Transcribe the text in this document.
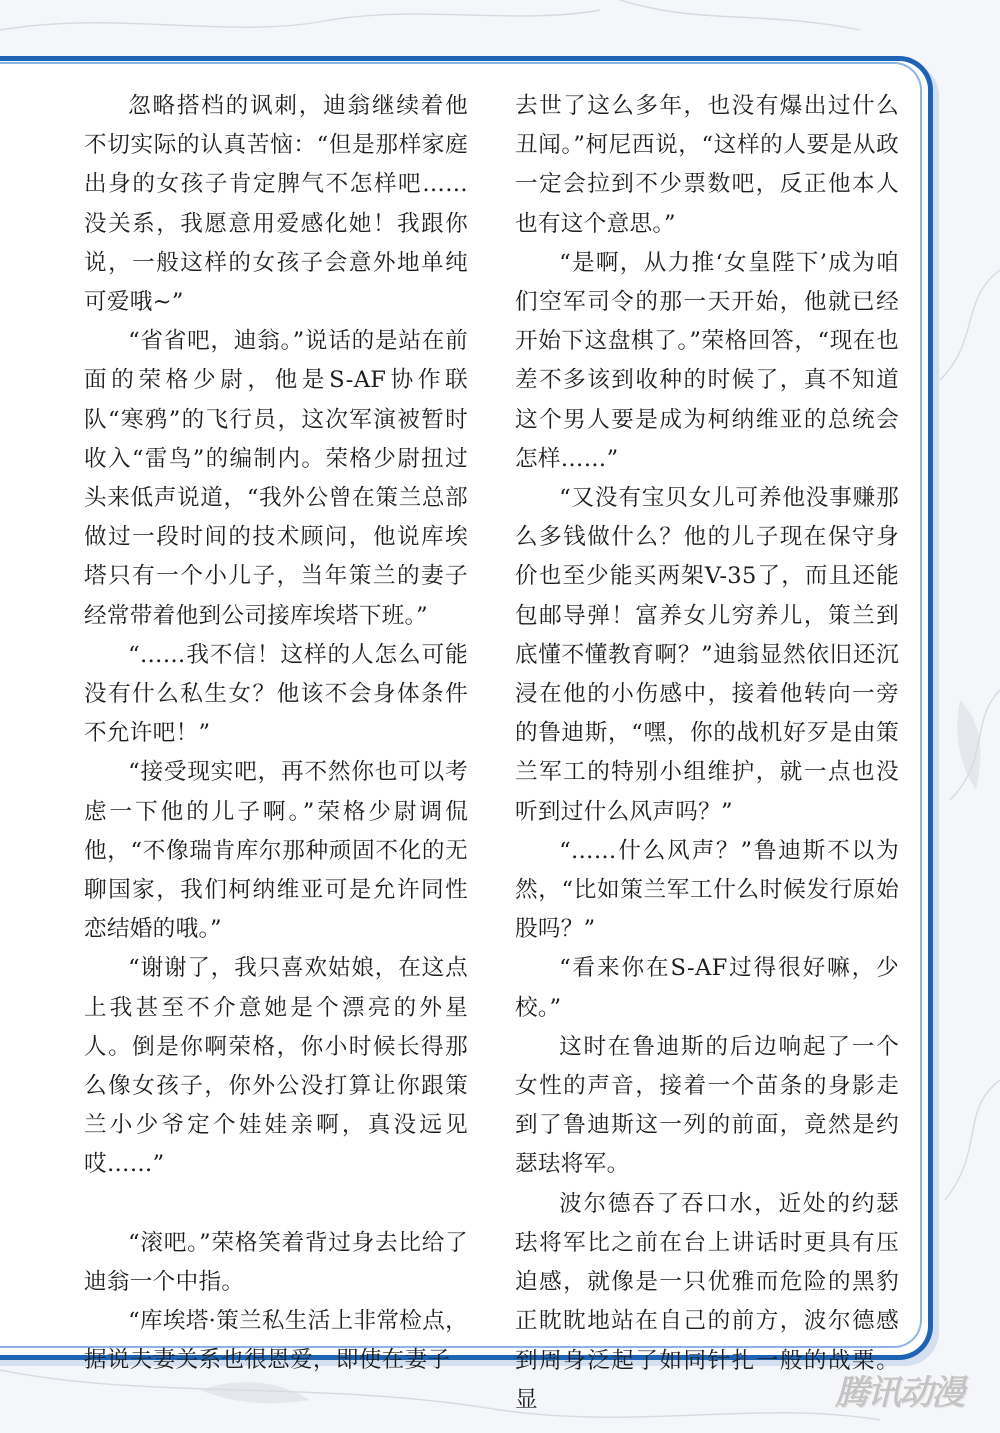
忽略搭档的讽刺，迪翁继续着他不切实际的认真苦恼：“但是那样家庭出身的女孩子肯定脾气不怎样吧……没关系，我愿意用爱感化她！我跟你说，一般这样的女孩子会意外地单纯可爱哦~”

“省省吧，迪翁。”说话的是站在前面的荣格少尉，他是S-AF协作联队“寒鸦”的飞行员，这次军演被暂时收入“雷鸟”的编制内。荣格少尉扭过头来低声说道，“我外公曾在策兰总部做过一段时间的技术顾问，他说库埃塔只有一个小儿子，当年策兰的妻子经常带着他到公司接库埃塔下班。”

“……我不信！这样的人怎么可能没有什么私生女？他该不会身体条件不允许吧！”

“接受现实吧，再不然你也可以考虑一下他的儿子啊。”荣格少尉调侃他，“不像瑞肯库尔那种顽固不化的无聊国家，我们柯纳维亚可是允许同性恋结婚的哦。”

“谢谢了，我只喜欢姑娘，在这点上我甚至不介意她是个漂亮的外星人。倒是你啊荣格，你小时候长得那么像女孩子，你外公没打算让你跟策兰小少爷定个娃娃亲啊，真没远见哎……”

“滚吧。”荣格笑着背过身去比给了迪翁一个中指。

“库埃塔·策兰私生活上非常检点，据说夫妻关系也很恩爱，即使在妻子

去世了这么多年，也没有爆出过什么丑闻。”柯尼西说，“这样的人要是从政一定会拉到不少票数吧，反正他本人也有这个意思。”

“是啊，从力推‘女皇陛下’成为咱们空军司令的那一天开始，他就已经开始下这盘棋了。”荣格回答，“现在也差不多该到收种的时候了，真不知道这个男人要是成为柯纳维亚的总统会怎样……”

“又没有宝贝女儿可养他没事赚那么多钱做什么？他的儿子现在保守身价也至少能买两架V-35了，而且还能包邮导弹！富养女儿穷养儿，策兰到底懂不懂教育啊？”迪翁显然依旧还沉浸在他的小伤感中，接着他转向一旁的鲁迪斯，“嘿，你的战机好歹是由策兰军工的特别小组维护，就一点也没听到过什么风声吗？”

“……什么风声？”鲁迪斯不以为然，“比如策兰军工什么时候发行原始股吗？”

“看来你在S-AF过得很好嘛，少校。”

这时在鲁迪斯的后边响起了一个女性的声音，接着一个苗条的身影走到了鲁迪斯这一列的前面，竟然是约瑟珐将军。

波尔德吞了吞口水，近处的约瑟珐将军比之前在台上讲话时更具有压迫感，就像是一只优雅而危险的黑豹正眈眈地站在自己的前方，波尔德感到周身泛起了如同针扎一般的战栗。显	腾讯动漫
